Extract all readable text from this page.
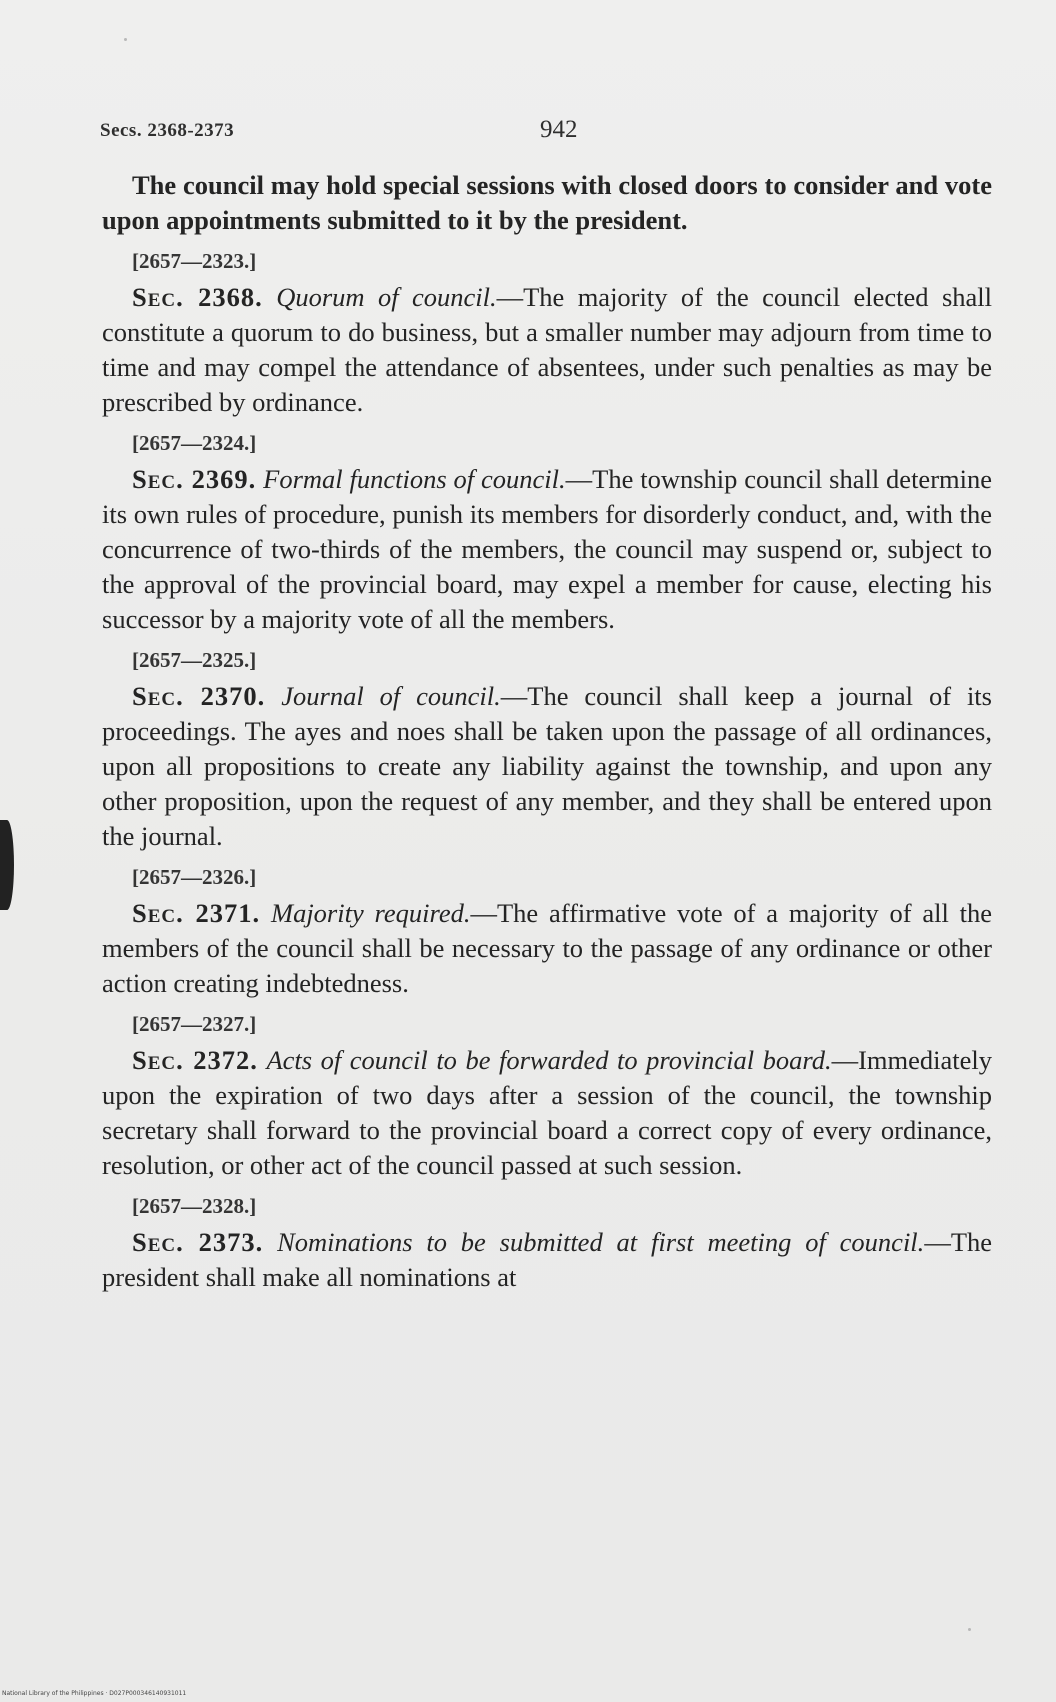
Secs. 2368-2373	942

The council may hold special sessions with closed doors to consider and vote upon appointments submitted to it by the president.

[2657—2323.]

Sec. 2368. Quorum of council.—The majority of the council elected shall constitute a quorum to do business, but a smaller number may adjourn from time to time and may compel the attendance of absentees, under such penalties as may be prescribed by ordinance.

[2657—2324.]

Sec. 2369. Formal functions of council.—The township council shall determine its own rules of procedure, punish its members for disorderly conduct, and, with the concurrence of two-thirds of the members, the council may suspend or, subject to the approval of the provincial board, may expel a member for cause, electing his successor by a majority vote of all the members.

[2657—2325.]

Sec. 2370. Journal of council.—The council shall keep a journal of its proceedings. The ayes and noes shall be taken upon the passage of all ordinances, upon all propositions to create any liability against the township, and upon any other proposition, upon the request of any member, and they shall be entered upon the journal.

[2657—2326.]

Sec. 2371. Majority required.—The affirmative vote of a majority of all the members of the council shall be necessary to the passage of any ordinance or other action creating indebtedness.

[2657—2327.]

Sec. 2372. Acts of council to be forwarded to provincial board.—Immediately upon the expiration of two days after a session of the council, the township secretary shall forward to the provincial board a correct copy of every ordinance, resolution, or other act of the council passed at such session.

[2657—2328.]

Sec. 2373. Nominations to be submitted at first meeting of council.—The president shall make all nominations at

National Library of the Philippines · D027P000346140931011
